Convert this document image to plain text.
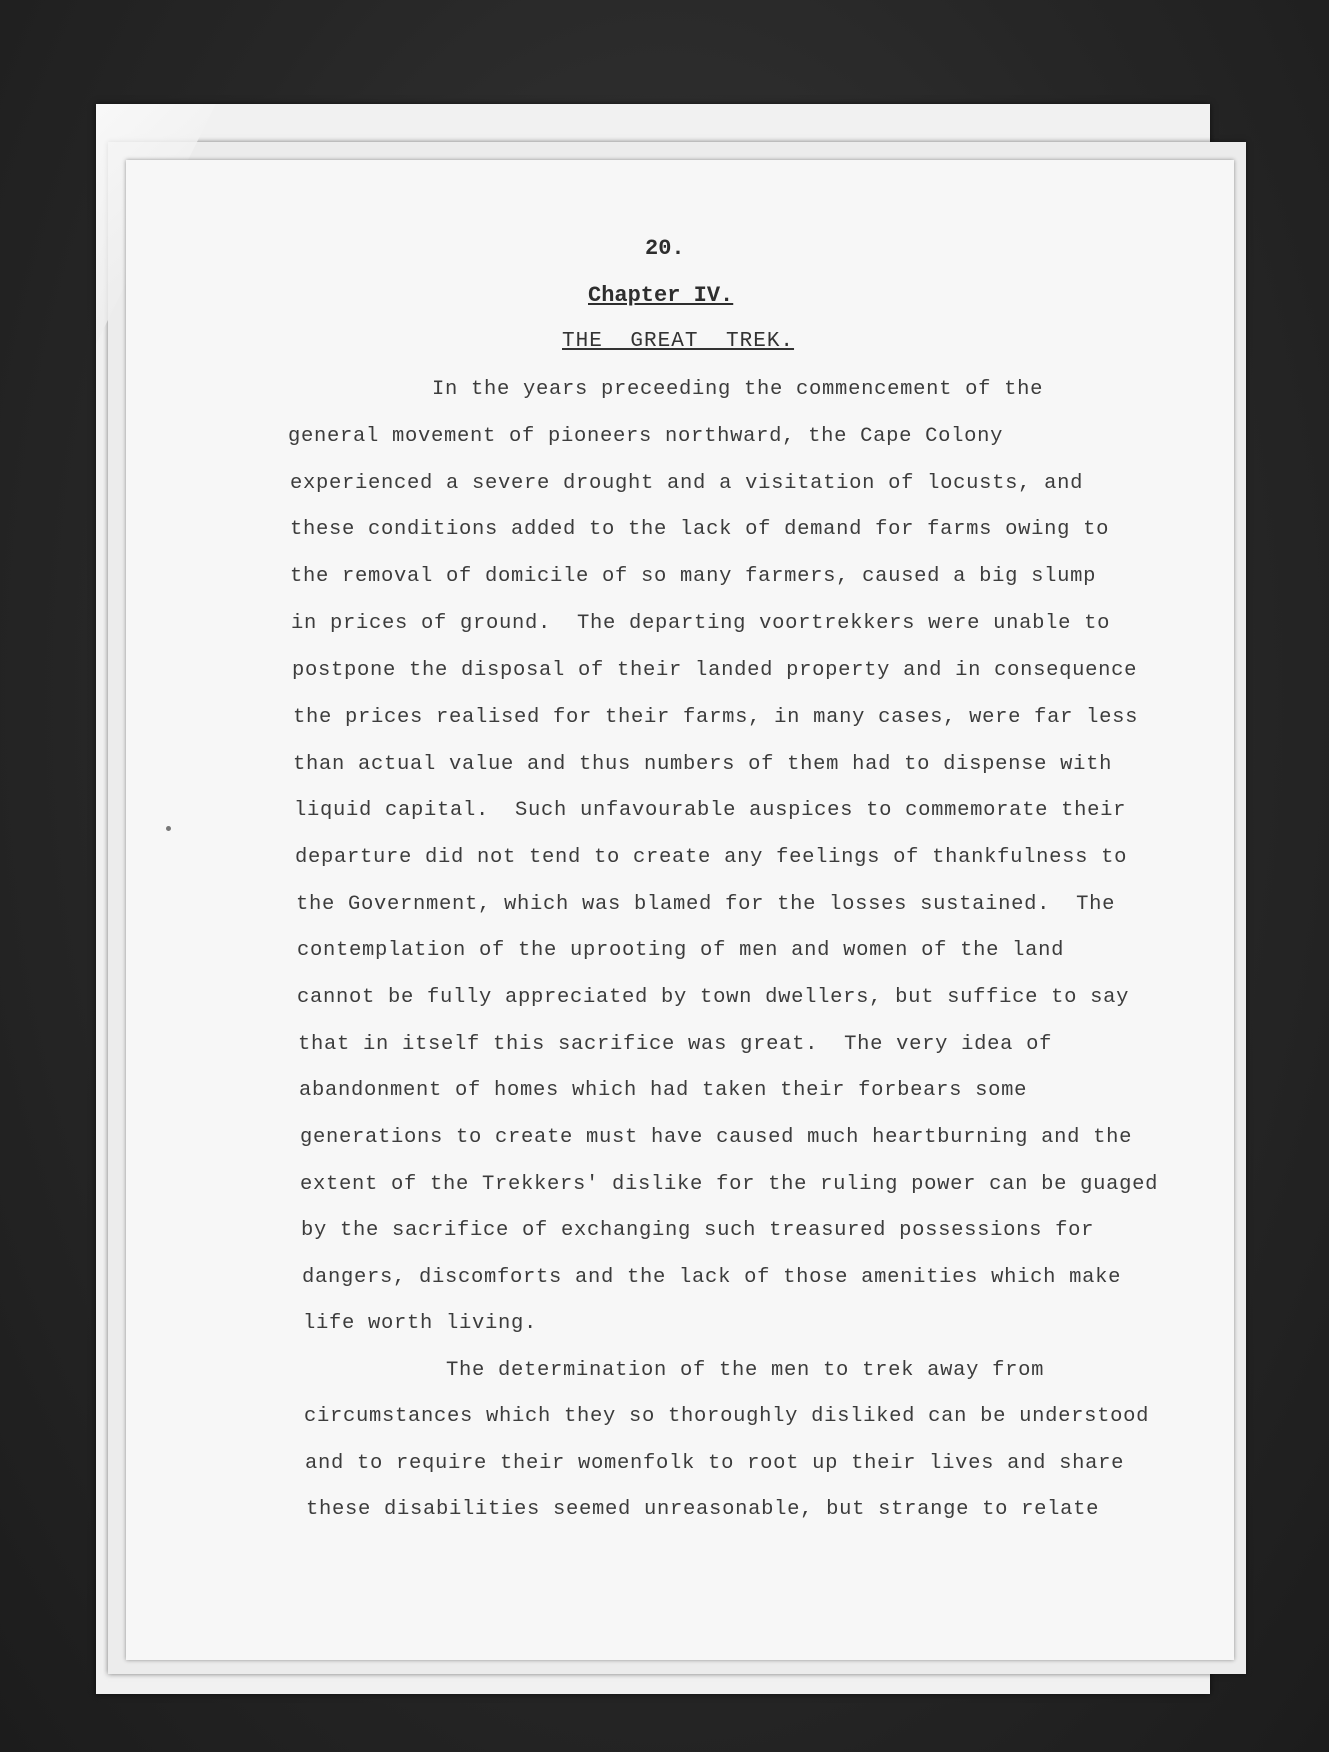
20.
Chapter IV.
THE GREAT TREK.
In the years preceeding the commencement of the
general movement of pioneers northward, the Cape Colony
experienced a severe drought and a visitation of locusts, and
these conditions added to the lack of demand for farms owing to
the removal of domicile of so many farmers, caused a big slump
in prices of ground.  The departing voortrekkers were unable to
postpone the disposal of their landed property and in consequence
the prices realised for their farms, in many cases, were far less
than actual value and thus numbers of them had to dispense with
liquid capital.  Such unfavourable auspices to commemorate their
departure did not tend to create any feelings of thankfulness to
the Government, which was blamed for the losses sustained.  The
contemplation of the uprooting of men and women of the land
cannot be fully appreciated by town dwellers, but suffice to say
that in itself this sacrifice was great.  The very idea of
abandonment of homes which had taken their forbears some
generations to create must have caused much heartburning and the
extent of the Trekkers' dislike for the ruling power can be guaged
by the sacrifice of exchanging such treasured possessions for
dangers, discomforts and the lack of those amenities which make
life worth living.
The determination of the men to trek away from
circumstances which they so thoroughly disliked can be understood
and to require their womenfolk to root up their lives and share
these disabilities seemed unreasonable, but strange to relate
